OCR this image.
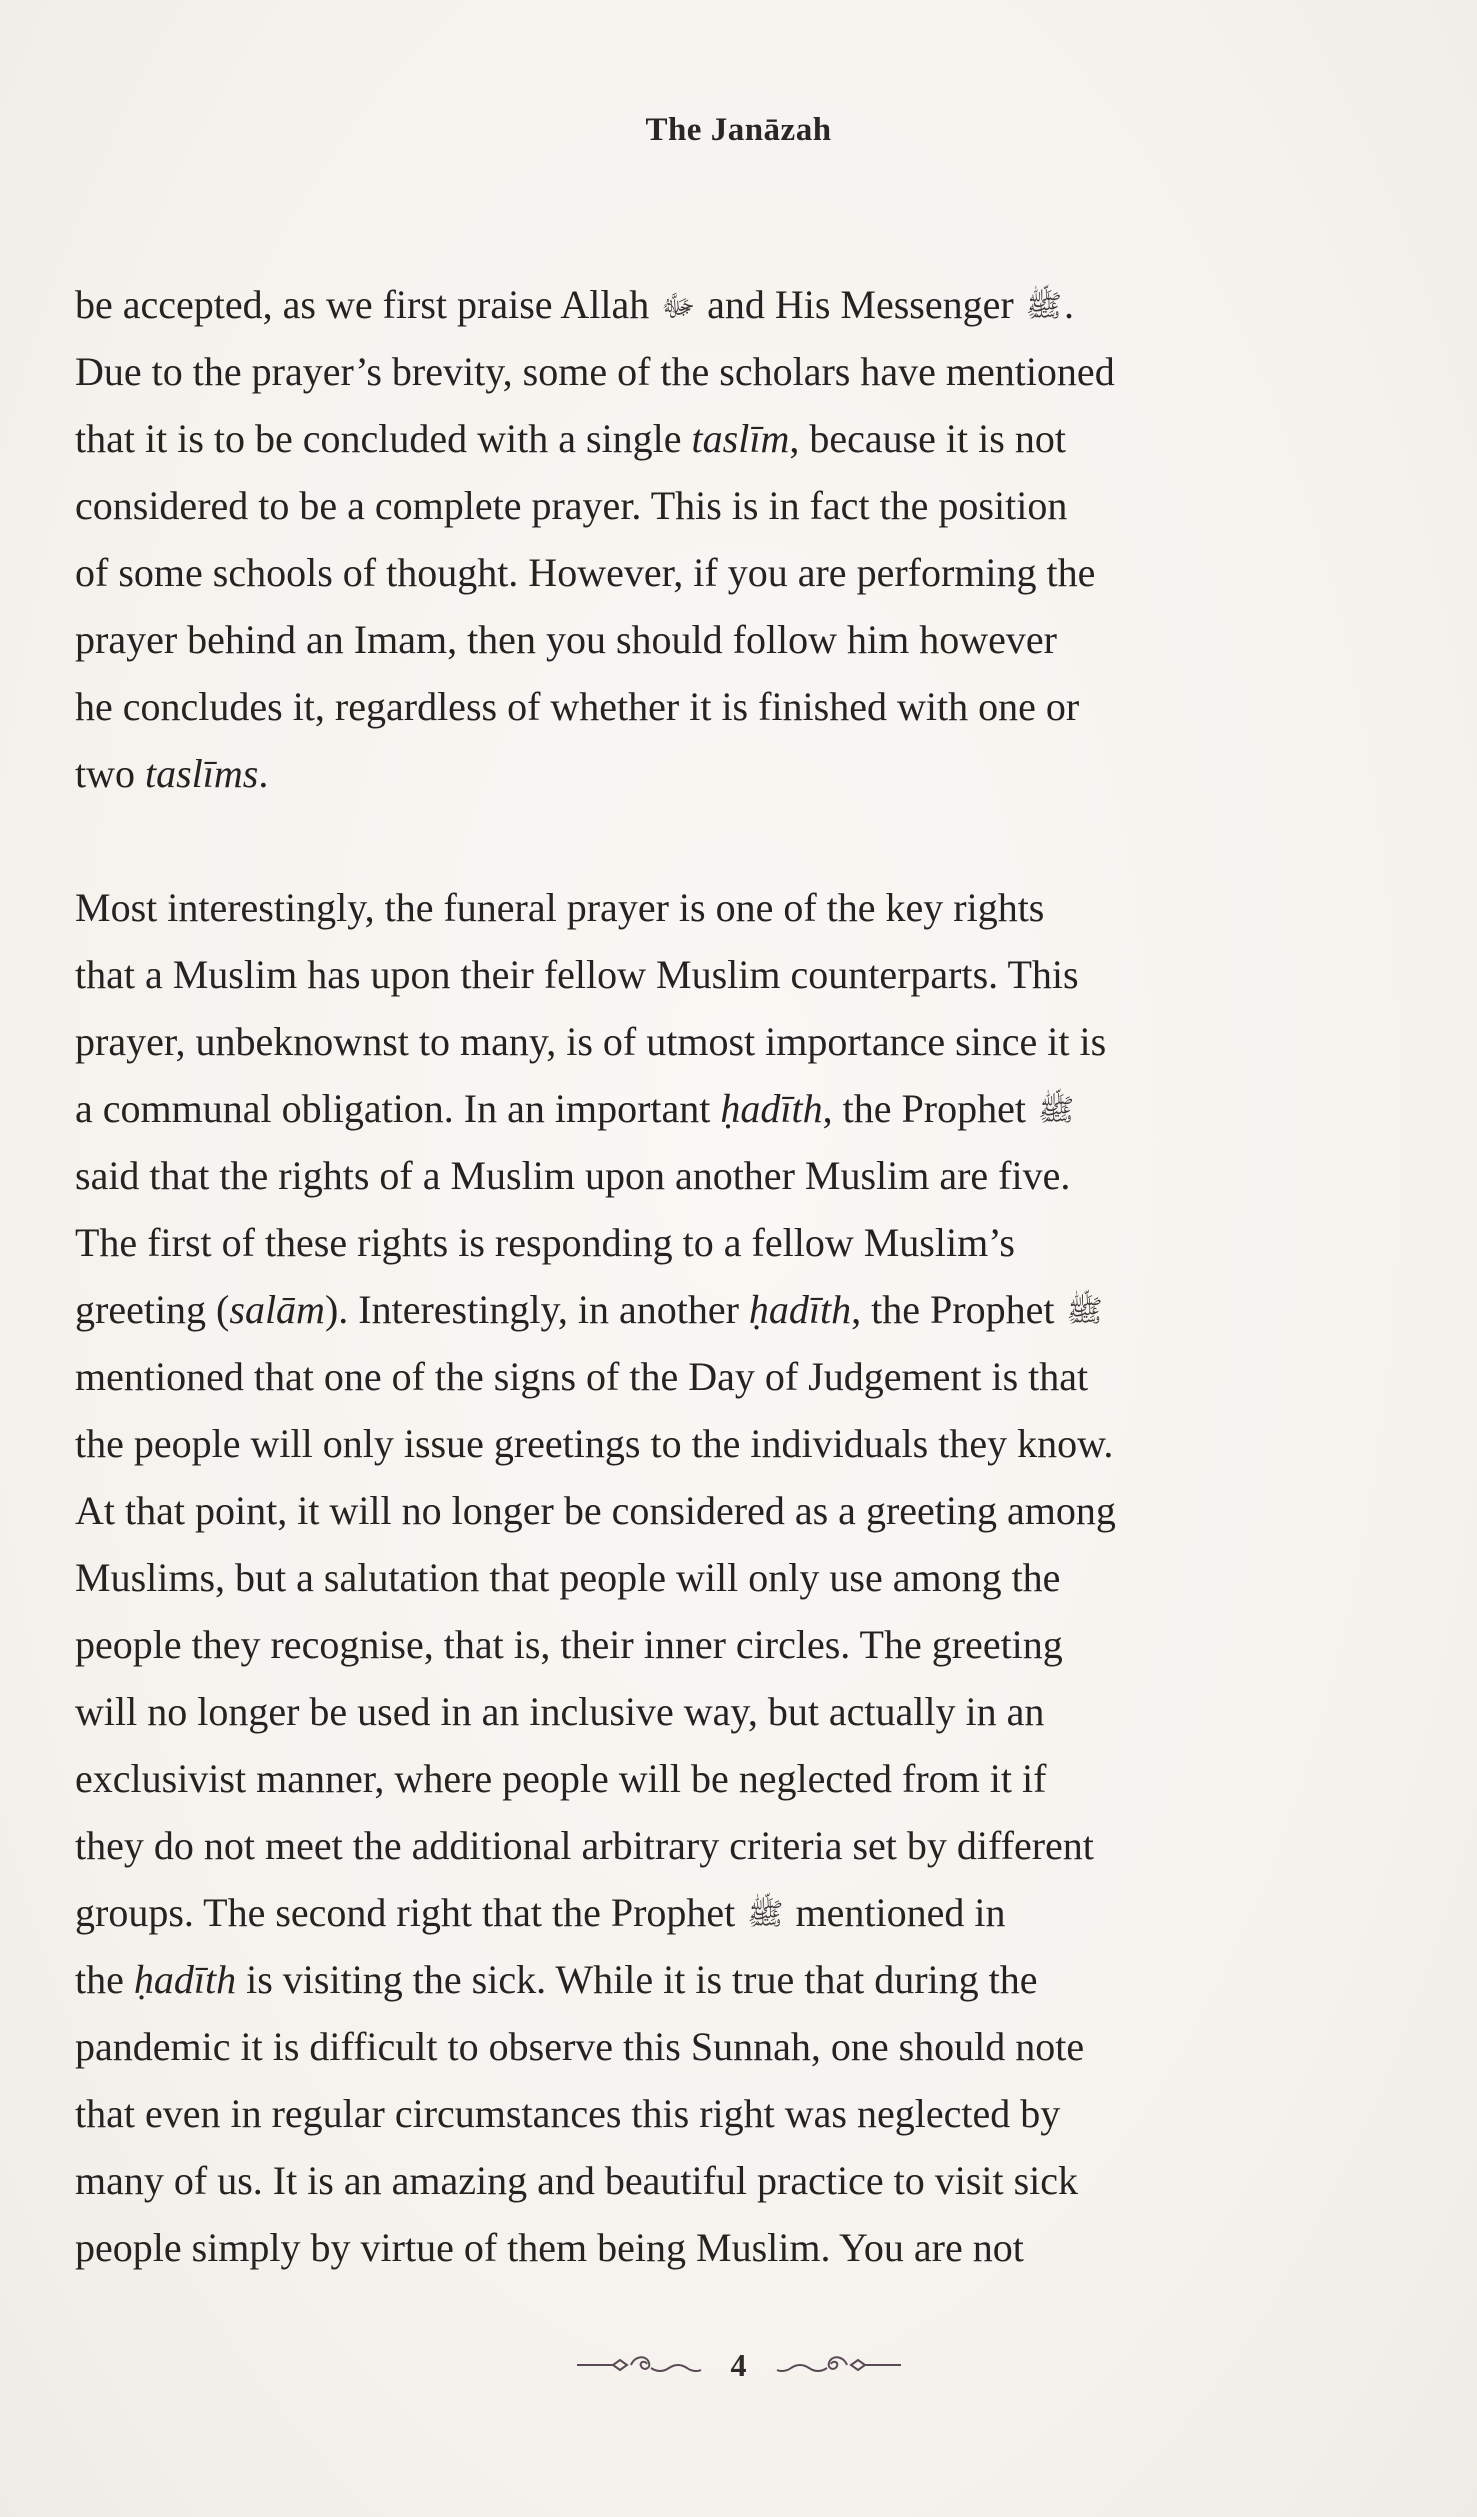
The Janāzah
be accepted, as we first praise Allah ﷻ and His Messenger ﷺ.
Due to the prayer’s brevity, some of the scholars have mentioned
that it is to be concluded with a single taslīm, because it is not
considered to be a complete prayer. This is in fact the position
of some schools of thought. However, if you are performing the
prayer behind an Imam, then you should follow him however
he concludes it, regardless of whether it is finished with one or
two taslīms.
Most interestingly, the funeral prayer is one of the key rights
that a Muslim has upon their fellow Muslim counterparts. This
prayer, unbeknownst to many, is of utmost importance since it is
a communal obligation. In an important ḥadīth, the Prophet ﷺ
said that the rights of a Muslim upon another Muslim are five.
The first of these rights is responding to a fellow Muslim’s
greeting (salām). Interestingly, in another ḥadīth, the Prophet ﷺ
mentioned that one of the signs of the Day of Judgement is that
the people will only issue greetings to the individuals they know.
At that point, it will no longer be considered as a greeting among
Muslims, but a salutation that people will only use among the
people they recognise, that is, their inner circles. The greeting
will no longer be used in an inclusive way, but actually in an
exclusivist manner, where people will be neglected from it if
they do not meet the additional arbitrary criteria set by different
groups. The second right that the Prophet ﷺ mentioned in
the ḥadīth is visiting the sick. While it is true that during the
pandemic it is difficult to observe this Sunnah, one should note
that even in regular circumstances this right was neglected by
many of us. It is an amazing and beautiful practice to visit sick
people simply by virtue of them being Muslim. You are not
4
